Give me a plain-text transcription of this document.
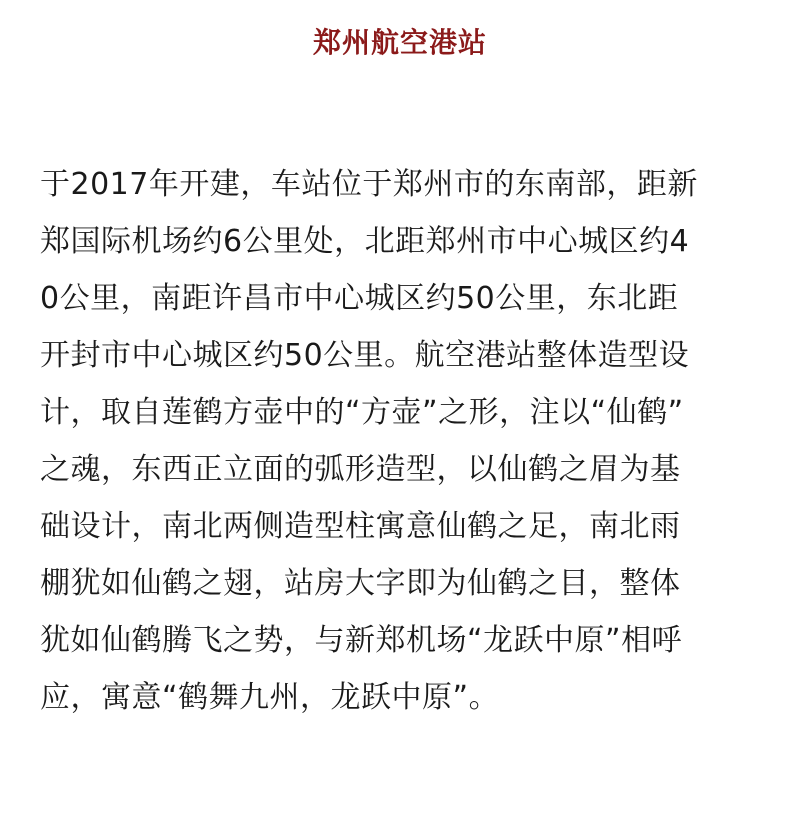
郑州航空港站
于2017年开建，车站位于郑州市的东南部，距新
郑国际机场约6公里处，北距郑州市中心城区约4
0公里，南距许昌市中心城区约50公里，东北距
开封市中心城区约50公里。航空港站整体造型设
计，取自莲鹤方壶中的“方壶”之形，注以“仙鹤”
之魂，东西正立面的弧形造型，以仙鹤之眉为基
础设计，南北两侧造型柱寓意仙鹤之足，南北雨
棚犹如仙鹤之翅，站房大字即为仙鹤之目，整体
犹如仙鹤腾飞之势，与新郑机场“龙跃中原”相呼
应，寓意“鹤舞九州，龙跃中原”。
